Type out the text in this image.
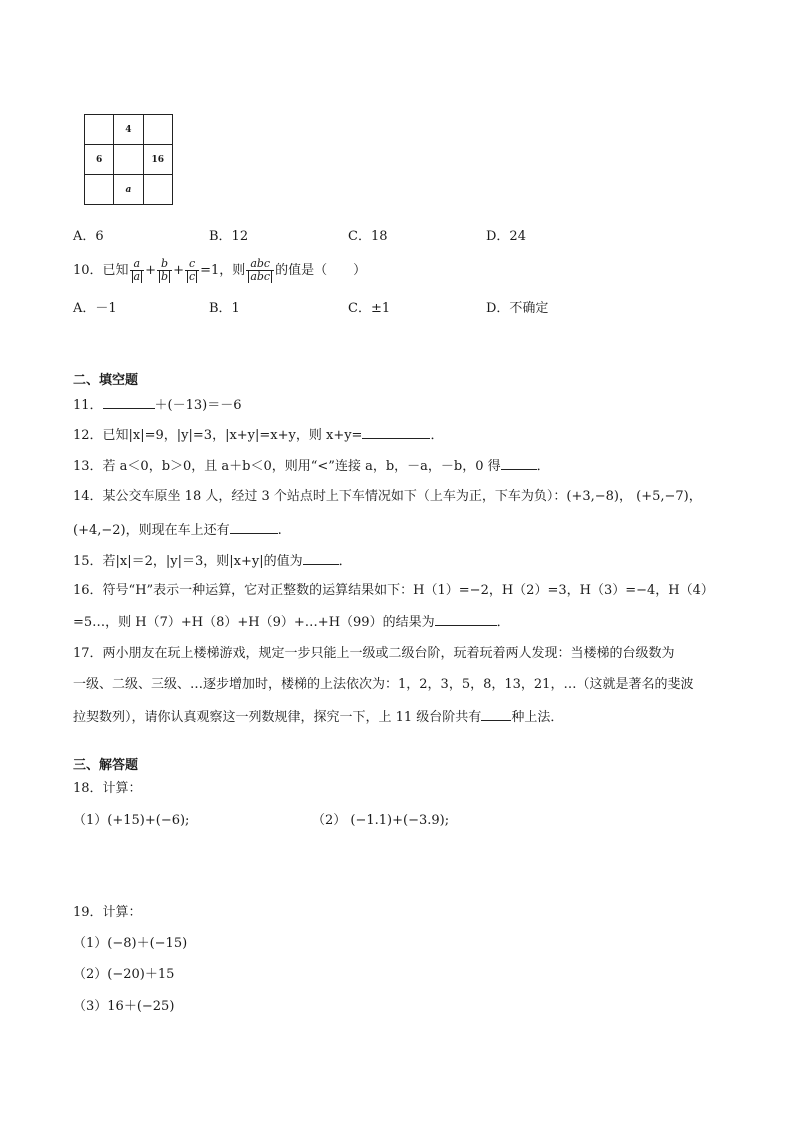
	4	
6		16
	a	
A．6	B．12	C．18	D．24
10．已知 $\frac{a}{a} + \frac{b}{b} + \frac{c}{c} =1$，则 $\frac{\text{abc}}{\text{abc}}$ 的值是（　　）
A．－1	B．1	C．±1	D．不确定
二、填空题
11．	＋(－13)＝－6
12．已知|x|=9，|y|=3，|x+y|=x+y，则 x+y=	．
13．若 a＜0，b＞0，且 a＋b＜0，则用“<”连接 a，b，－a，－b，0 得	．
14．某公交车原坐 18 人，经过 3 个站点时上下车情况如下（上车为正，下车为负）：(+3,−8)， (+5,−7)，
(+4,−2)，则现在车上还有	.
15．若|x|＝2，|y|＝3，则|x+y|的值为	．
16．符号“H”表示一种运算，它对正整数的运算结果如下：H（1）=−2，H（2）=3，H（3）=−4，H（4）
=5…，则 H（7）+H（8）+H（9）+…+H（99）的结果为	．
17．两小朋友在玩上楼梯游戏，规定一步只能上一级或二级台阶，玩着玩着两人发现：当楼梯的台级数为
一级、二级、三级、…逐步增加时，楼梯的上法依次为：1，2，3，5，8，13，21，…（这就是著名的斐波
拉契数列），请你认真观察这一列数规律，探究一下，上 11 级台阶共有 种上法．
三、解答题
18．计算：
（1）(+15)+(−6);	（2） (−1.1)+(−3.9);
19．计算：
（1）(−8)＋(−15)
（2）(−20)＋15
（3）16＋(−25)
